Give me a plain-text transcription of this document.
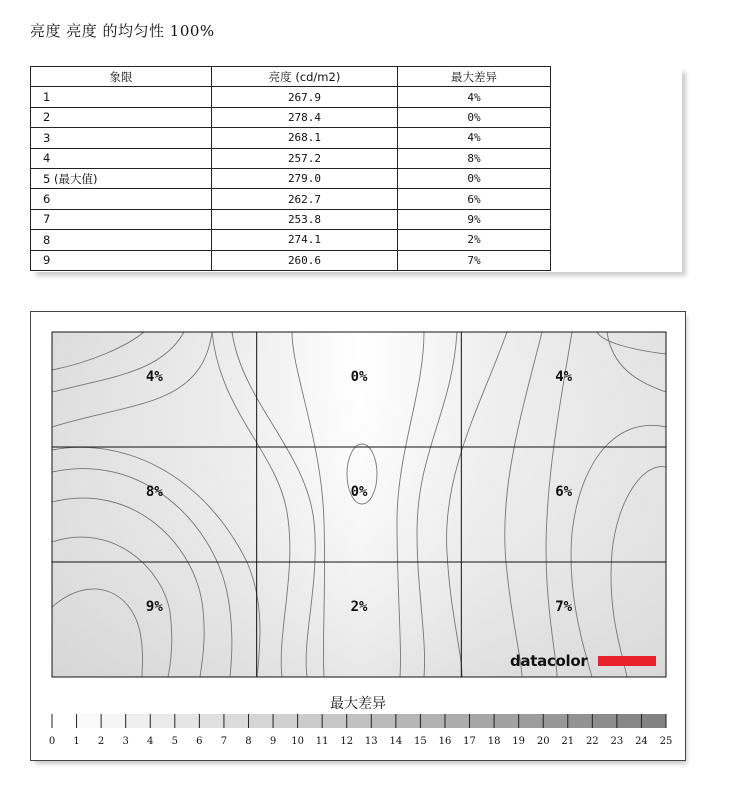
亮度 亮度 的均匀性 100%
象限	亮度 (cd/m2)	最大差异
1	267.9	4%
2	278.4	0%
3	268.1	4%
4	257.2	8%
5 (最大值)	279.0	0%
6	262.7	6%
7	253.8	9%
8	274.1	2%
9	260.6	7%
4%	0%	4%
8%	0%	6%
9%	2%	7%
datacolor
最大差异
0 1 2 3 4 5 6 7 8 9 10 11 12 13 14 15 16 17 18 19 20 21 22 23 24 25
